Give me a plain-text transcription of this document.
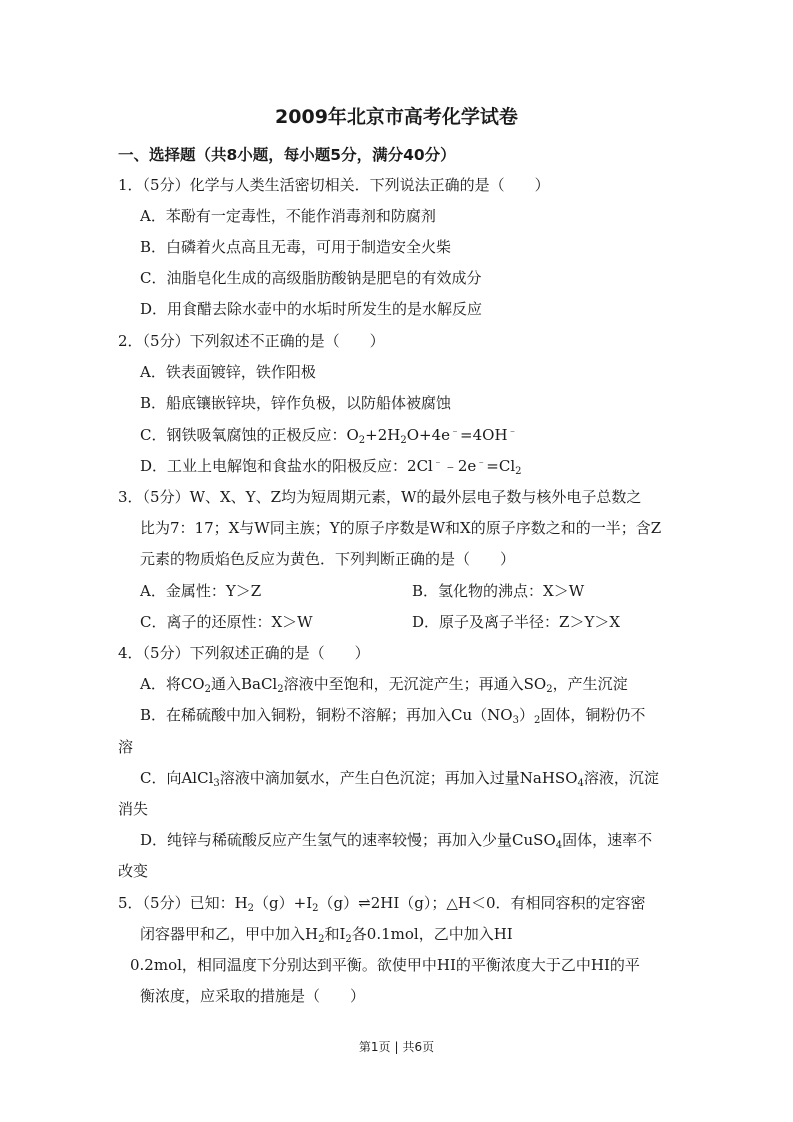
2009年北京市高考化学试卷
一、选择题（共8小题，每小题5分，满分40分）
1．（5分）化学与人类生活密切相关．下列说法正确的是（　　）
A．苯酚有一定毒性，不能作消毒剂和防腐剂
B．白磷着火点高且无毒，可用于制造安全火柴
C．油脂皂化生成的高级脂肪酸钠是肥皂的有效成分
D．用食醋去除水壶中的水垢时所发生的是水解反应
2．（5分）下列叙述不正确的是（　　）
A．铁表面镀锌，铁作阳极
B．船底镶嵌锌块，锌作负极，以防船体被腐蚀
C．钢铁吸氧腐蚀的正极反应：$O_2+2H_2O+4e^﹣=4OH^﹣$
D．工业上电解饱和食盐水的阳极反应：$2Cl^﹣﹣2e^﹣=Cl_2$
3．（5分）W、X、Y、Z均为短周期元素，W的最外层电子数与核外电子总数之
比为7：17；X与W同主族；Y的原子序数是W和X的原子序数之和的一半；含Z
元素的物质焰色反应为黄色．下列判断正确的是（　　）
A．金属性：Y＞Z	B．氢化物的沸点：X＞W
C．离子的还原性：X＞W	D．原子及离子半径：Z＞Y＞X
4．（5分）下列叙述正确的是（　　）
A．将$CO_2$通入BaCl$_2$溶液中至饱和，无沉淀产生；再通入$SO_2$，产生沉淀
B．在稀硫酸中加入铜粉，铜粉不溶解；再加入$Cu(NO_3)_2$固体，铜粉仍不
溶
C．向AlCl$_3$溶液中滴加氨水，产生白色沉淀；再加入过量NaHSO$_4$溶液，沉淀
消失
D．纯锌与稀硫酸反应产生氢气的速率较慢；再加入少量CuSO$_4$固体，速率不
改变
5．（5分）已知：$H_2(g)+I_2(g)\rightleftharpoons 2HI(g)$；△H＜0．有相同容积的定容密
闭容器甲和乙，甲中加入$H_2$和$I_2$各0.1mol，乙中加入HI
0.2mol，相同温度下分别达到平衡。欲使甲中HI的平衡浓度大于乙中HI的平
衡浓度，应采取的措施是（　　）
第1页 | 共6页
